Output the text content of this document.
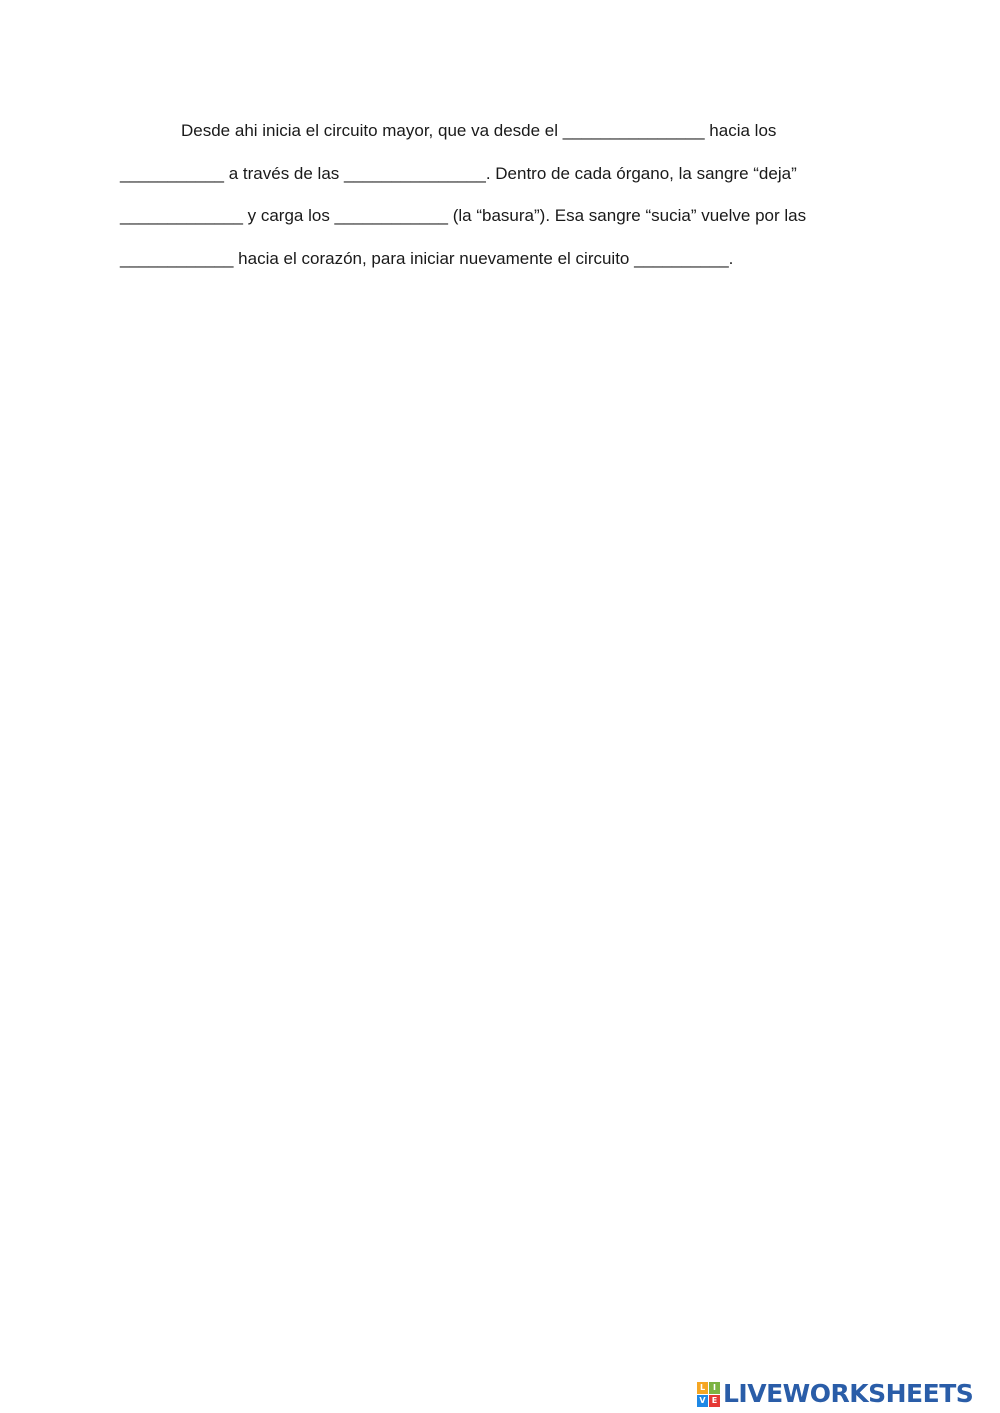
Desde ahi inicia el circuito mayor, que va desde el _______________ hacia los
___________ a través de las _______________. Dentro de cada órgano, la sangre “deja”
_____________ y carga los ____________ (la “basura”). Esa sangre “sucia” vuelve por las
____________ hacia el corazón, para iniciar nuevamente el circuito __________.
L I
V E LIVEWORKSHEETS
